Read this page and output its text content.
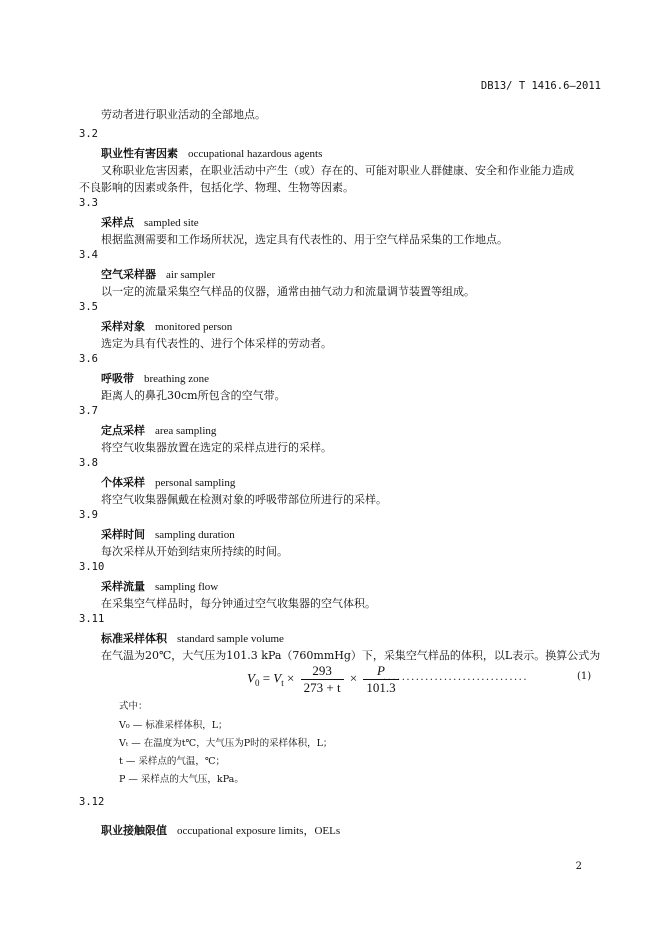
DB13/ T 1416.6—2011
劳动者进行职业活动的全部地点。
3.2
职业性有害因素 occupational hazardous agents
又称职业危害因素，在职业活动中产生（或）存在的、可能对职业人群健康、安全和作业能力造成
不良影响的因素或条件，包括化学、物理、生物等因素。
3.3
采样点 sampled site
根据监测需要和工作场所状况，选定具有代表性的、用于空气样品采集的工作地点。
3.4
空气采样器 air sampler
以一定的流量采集空气样品的仪器，通常由抽气动力和流量调节装置等组成。
3.5
采样对象 monitored person
选定为具有代表性的、进行个体采样的劳动者。
3.6
呼吸带 breathing zone
距离人的鼻孔30cm所包含的空气带。
3.7
定点采样 area sampling
将空气收集器放置在选定的采样点进行的采样。
3.8
个体采样 personal sampling
将空气收集器佩戴在检测对象的呼吸带部位所进行的采样。
3.9
采样时间 sampling duration
每次采样从开始到结束所持续的时间。
3.10
采样流量 sampling flow
在采集空气样品时，每分钟通过空气收集器的空气体积。
3.11
标准采样体积 standard sample volume
在气温为20℃，大气压为101.3 kPa（760mmHg）下，采集空气样品的体积，以L表示。换算公式为
$V_0 = V_t \times \frac{293}{273 + t} \times \frac{P}{101.3}$
...............................	(1)
式中：
V₀ — 标准采样体积，L；
Vₜ — 在温度为t℃，大气压为P时的采样体积，L；
t — 采样点的气温，℃；
P — 采样点的大气压，kPa。
3.12
职业接触限值 occupational exposure limits，OELs
2
